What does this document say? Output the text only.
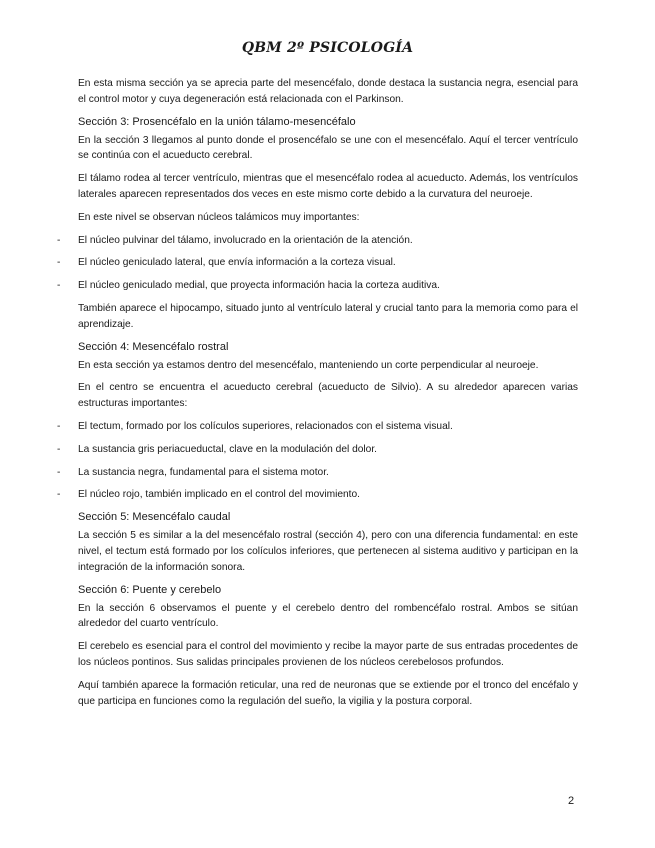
QBM 2º PSICOLOGÍA

En esta misma sección ya se aprecia parte del mesencéfalo, donde destaca la sustancia negra, esencial para el control motor y cuya degeneración está relacionada con el Parkinson.

Sección 3: Prosencéfalo en la unión tálamo-mesencéfalo

En la sección 3 llegamos al punto donde el prosencéfalo se une con el mesencéfalo. Aquí el tercer ventrículo se continúa con el acueducto cerebral.

El tálamo rodea al tercer ventrículo, mientras que el mesencéfalo rodea al acueducto. Además, los ventrículos laterales aparecen representados dos veces en este mismo corte debido a la curvatura del neuroeje.

En este nivel se observan núcleos talámicos muy importantes:

- El núcleo pulvinar del tálamo, involucrado en la orientación de la atención.

- El núcleo geniculado lateral, que envía información a la corteza visual.

- El núcleo geniculado medial, que proyecta información hacia la corteza auditiva.

También aparece el hipocampo, situado junto al ventrículo lateral y crucial tanto para la memoria como para el aprendizaje.

Sección 4: Mesencéfalo rostral

En esta sección ya estamos dentro del mesencéfalo, manteniendo un corte perpendicular al neuroeje.

En el centro se encuentra el acueducto cerebral (acueducto de Silvio). A su alrededor aparecen varias estructuras importantes:

- El tectum, formado por los colículos superiores, relacionados con el sistema visual.

- La sustancia gris periacueductal, clave en la modulación del dolor.

- La sustancia negra, fundamental para el sistema motor.

- El núcleo rojo, también implicado en el control del movimiento.

Sección 5: Mesencéfalo caudal

La sección 5 es similar a la del mesencéfalo rostral (sección 4), pero con una diferencia fundamental: en este nivel, el tectum está formado por los colículos inferiores, que pertenecen al sistema auditivo y participan en la integración de la información sonora.

Sección 6: Puente y cerebelo

En la sección 6 observamos el puente y el cerebelo dentro del rombencéfalo rostral. Ambos se sitúan alrededor del cuarto ventrículo.

El cerebelo es esencial para el control del movimiento y recibe la mayor parte de sus entradas procedentes de los núcleos pontinos. Sus salidas principales provienen de los núcleos cerebelosos profundos.

Aquí también aparece la formación reticular, una red de neuronas que se extiende por el tronco del encéfalo y que participa en funciones como la regulación del sueño, la vigilia y la postura corporal.

2
